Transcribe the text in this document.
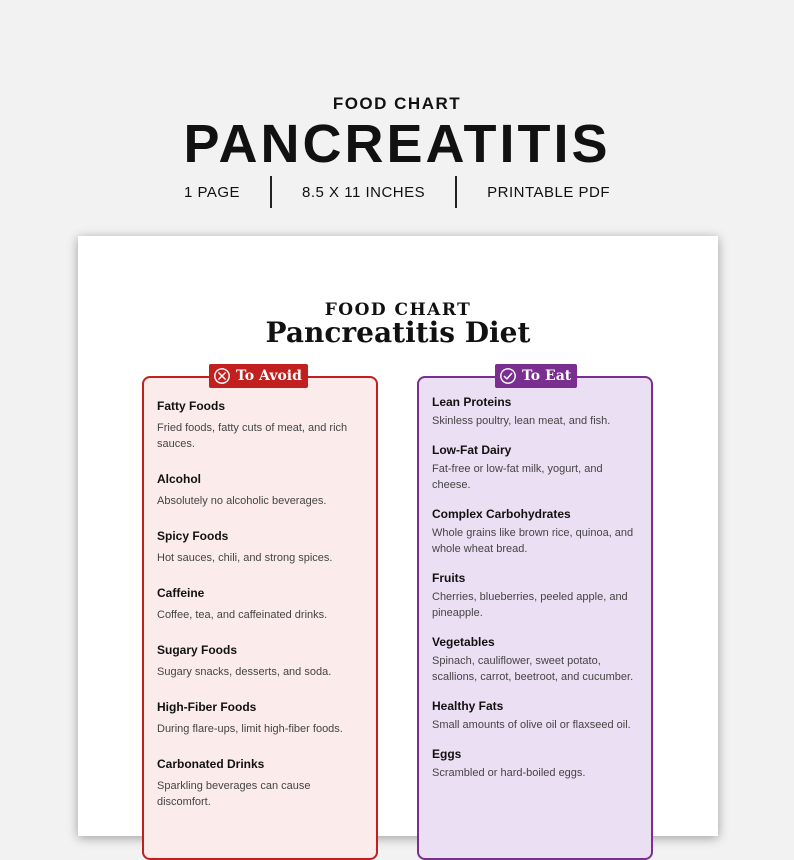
FOOD CHART
PANCREATITIS
1 PAGE	8.5 X 11 INCHES	PRINTABLE PDF
FOOD CHART
Pancreatitis Diet
To Avoid
Fatty Foods
Fried foods, fatty cuts of meat, and rich sauces.
Alcohol
Absolutely no alcoholic beverages.
Spicy Foods
Hot sauces, chili, and strong spices.
Caffeine
Coffee, tea, and caffeinated drinks.
Sugary Foods
Sugary snacks, desserts, and soda.
High-Fiber Foods
During flare-ups, limit high-fiber foods.
Carbonated Drinks
Sparkling beverages can cause discomfort.
To Eat
Lean Proteins
Skinless poultry, lean meat, and fish.
Low-Fat Dairy
Fat-free or low-fat milk, yogurt, and cheese.
Complex Carbohydrates
Whole grains like brown rice, quinoa, and whole wheat bread.
Fruits
Cherries, blueberries, peeled apple, and pineapple.
Vegetables
Spinach, cauliflower, sweet potato, scallions, carrot, beetroot, and cucumber.
Healthy Fats
Small amounts of olive oil or flaxseed oil.
Eggs
Scrambled or hard-boiled eggs.
